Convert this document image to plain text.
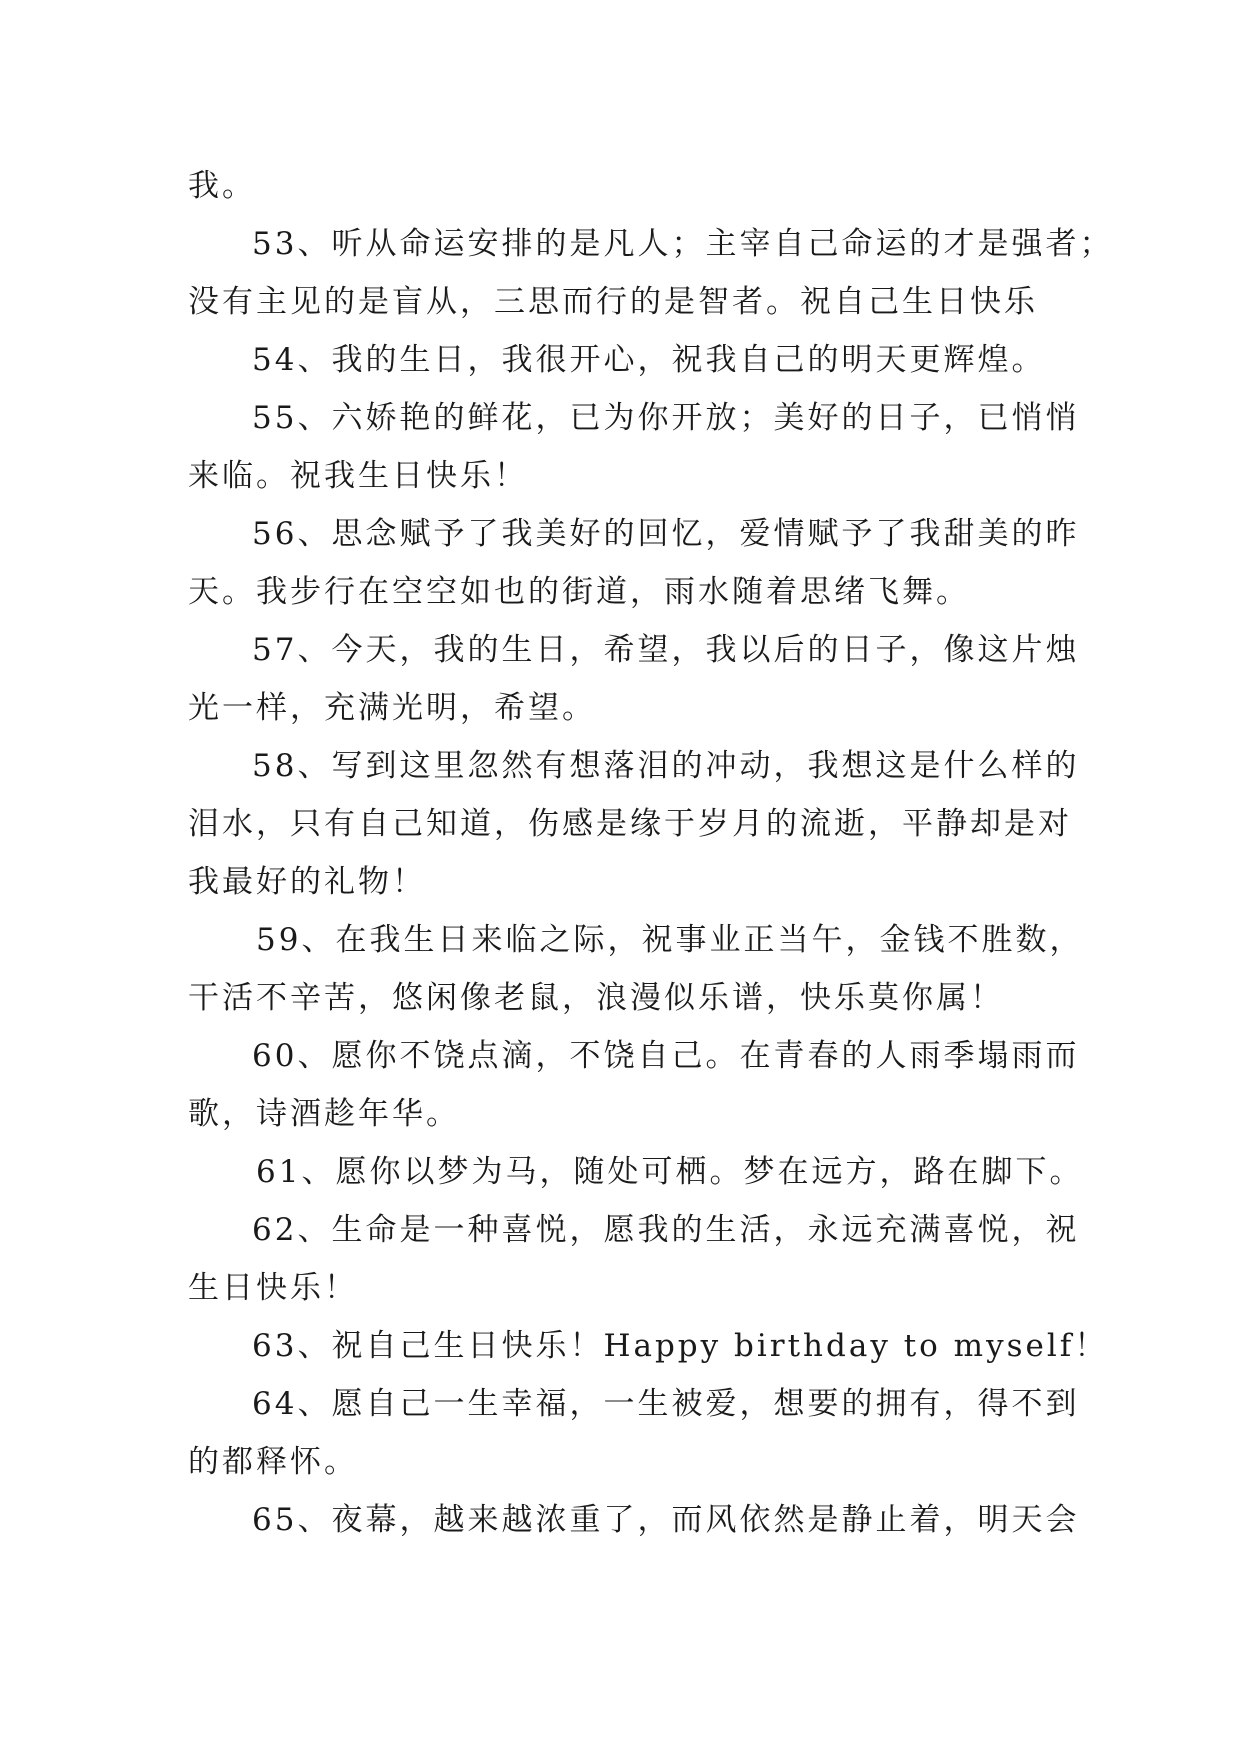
我。
53、听从命运安排的是凡人；主宰自己命运的才是强者；
没有主见的是盲从，三思而行的是智者。祝自己生日快乐
54、我的生日，我很开心，祝我自己的明天更辉煌。
55、六娇艳的鲜花，已为你开放；美好的日子，已悄悄
来临。祝我生日快乐！
56、思念赋予了我美好的回忆，爱情赋予了我甜美的昨
天。我步行在空空如也的街道，雨水随着思绪飞舞。
57、今天，我的生日，希望，我以后的日子，像这片烛
光一样，充满光明，希望。
58、写到这里忽然有想落泪的冲动，我想这是什么样的
泪水，只有自己知道，伤感是缘于岁月的流逝，平静却是对
我最好的礼物！
59、在我生日来临之际，祝事业正当午，金钱不胜数，
干活不辛苦，悠闲像老鼠，浪漫似乐谱，快乐莫你属！
60、愿你不饶点滴，不饶自己。在青春的人雨季塌雨而
歌，诗酒趁年华。
61、愿你以梦为马，随处可栖。梦在远方，路在脚下。
62、生命是一种喜悦，愿我的生活，永远充满喜悦，祝
生日快乐！
63、祝自己生日快乐！Happy birthday to myself！
64、愿自己一生幸福，一生被爱，想要的拥有，得不到
的都释怀。
65、夜幕，越来越浓重了，而风依然是静止着，明天会
